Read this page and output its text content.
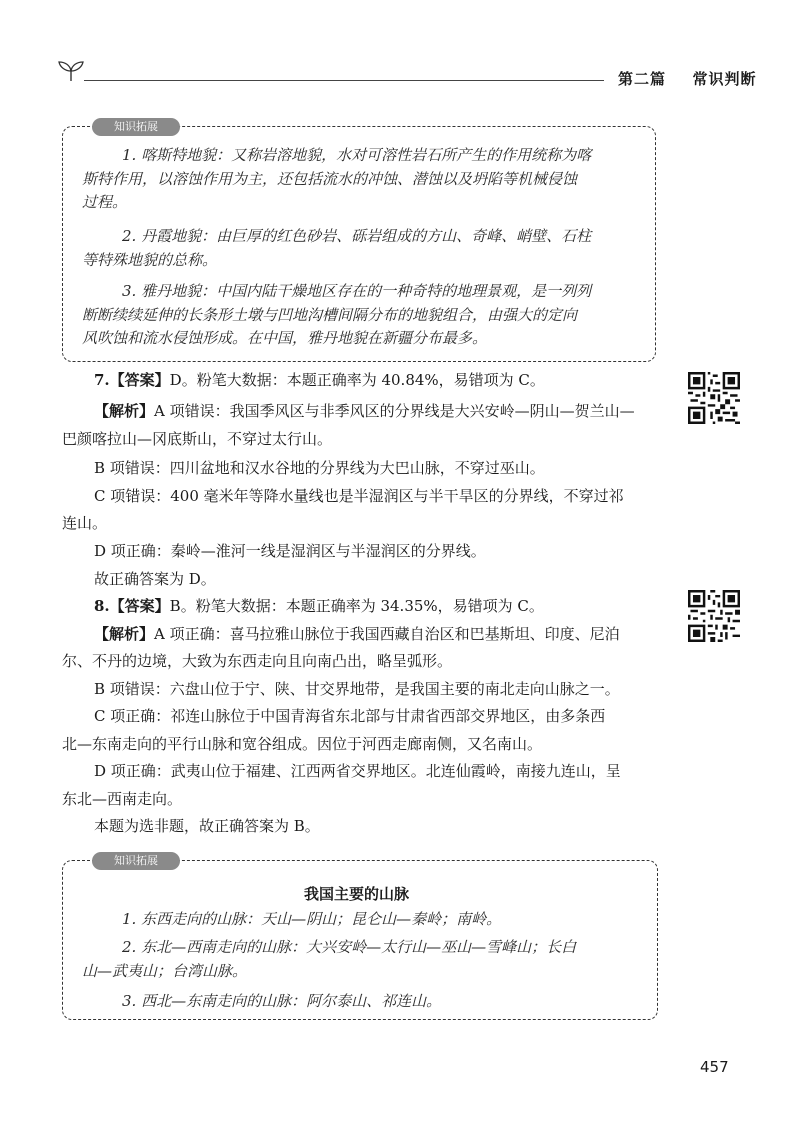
第二篇 常识判断
知识拓展
1. 喀斯特地貌：又称岩溶地貌，水对可溶性岩石所产生的作用统称为喀
斯特作用，以溶蚀作用为主，还包括流水的冲蚀、潜蚀以及坍陷等机械侵蚀
过程。
2. 丹霞地貌：由巨厚的红色砂岩、砾岩组成的方山、奇峰、峭壁、石柱
等特殊地貌的总称。
3. 雅丹地貌：中国内陆干燥地区存在的一种奇特的地理景观，是一列列
断断续续延伸的长条形土墩与凹地沟槽间隔分布的地貌组合，由强大的定向
风吹蚀和流水侵蚀形成。在中国，雅丹地貌在新疆分布最多。
7.【答案】D。粉笔大数据：本题正确率为 40.84%，易错项为 C。
【解析】A 项错误：我国季风区与非季风区的分界线是大兴安岭—阴山—贺兰山—
巴颜喀拉山—冈底斯山，不穿过太行山。
B 项错误：四川盆地和汉水谷地的分界线为大巴山脉，不穿过巫山。
C 项错误：400 毫米年等降水量线也是半湿润区与半干旱区的分界线，不穿过祁
连山。
D 项正确：秦岭—淮河一线是湿润区与半湿润区的分界线。
故正确答案为 D。
8.【答案】B。粉笔大数据：本题正确率为 34.35%，易错项为 C。
【解析】A 项正确：喜马拉雅山脉位于我国西藏自治区和巴基斯坦、印度、尼泊
尔、不丹的边境，大致为东西走向且向南凸出，略呈弧形。
B 项错误：六盘山位于宁、陕、甘交界地带，是我国主要的南北走向山脉之一。
C 项正确：祁连山脉位于中国青海省东北部与甘肃省西部交界地区，由多条西
北—东南走向的平行山脉和宽谷组成。因位于河西走廊南侧，又名南山。
D 项正确：武夷山位于福建、江西两省交界地区。北连仙霞岭，南接九连山，呈
东北—西南走向。
本题为选非题，故正确答案为 B。
知识拓展
我国主要的山脉
1. 东西走向的山脉：天山—阴山；昆仑山—秦岭；南岭。
2. 东北—西南走向的山脉：大兴安岭—太行山—巫山—雪峰山；长白
山—武夷山；台湾山脉。
3. 西北—东南走向的山脉：阿尔泰山、祁连山。
457
